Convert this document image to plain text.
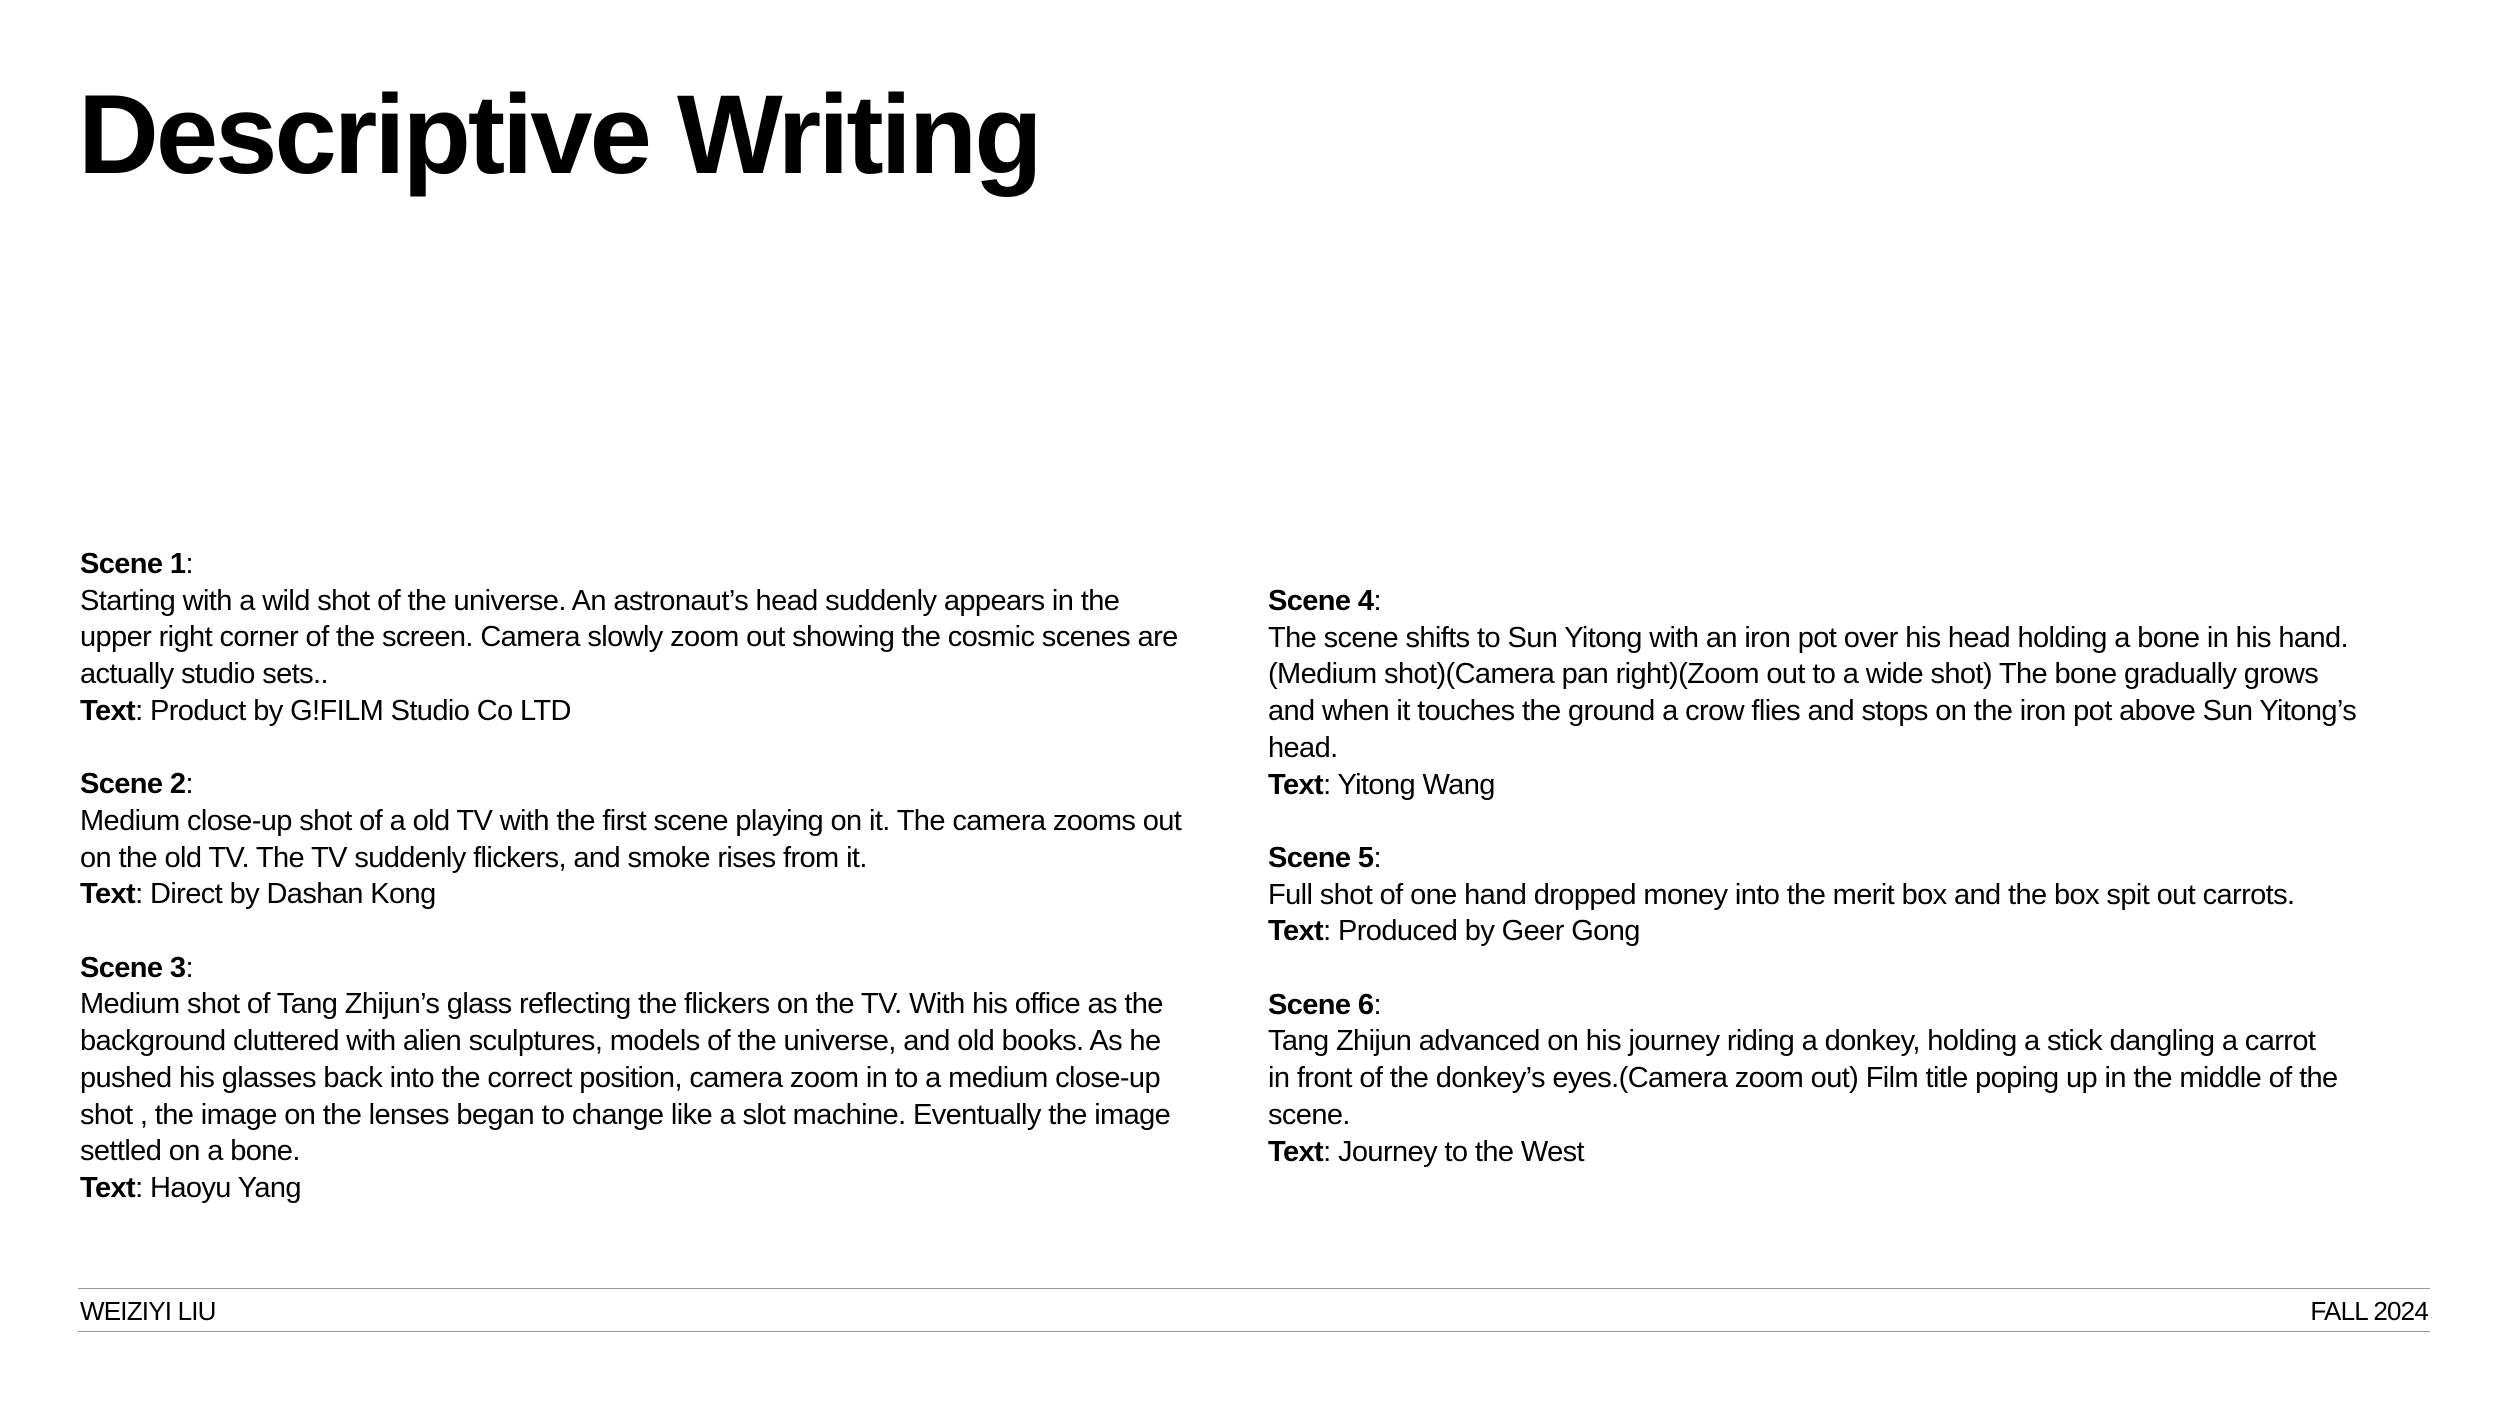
Descriptive Writing
Scene 1:
Starting with a wild shot of the universe. An astronaut’s head suddenly appears in the
upper right corner of the screen. Camera slowly zoom out showing the cosmic scenes are
actually studio sets..
Text: Product by G!FILM Studio Co LTD
Scene 2:
Medium close-up shot of a old TV with the first scene playing on it. The camera zooms out
on the old TV. The TV suddenly flickers, and smoke rises from it.
Text: Direct by Dashan Kong
Scene 3:
Medium shot of Tang Zhijun’s glass reflecting the flickers on the TV. With his office as the
background cluttered with alien sculptures, models of the universe, and old books. As he
pushed his glasses back into the correct position, camera zoom in to a medium close-up
shot , the image on the lenses began to change like a slot machine. Eventually the image
settled on a bone.
Text: Haoyu Yang
Scene 4:
The scene shifts to Sun Yitong with an iron pot over his head holding a bone in his hand.
(Medium shot)(Camera pan right)(Zoom out to a wide shot) The bone gradually grows
and when it touches the ground a crow flies and stops on the iron pot above Sun Yitong’s
head.
Text: Yitong Wang
Scene 5:
Full shot of one hand dropped money into the merit box and the box spit out carrots.
Text: Produced by Geer Gong
Scene 6:
Tang Zhijun advanced on his journey riding a donkey, holding a stick dangling a carrot
in front of the donkey’s eyes.(Camera zoom out) Film title poping up in the middle of the
scene.
Text: Journey to the West
WEIZIYI LIU	FALL 2024
